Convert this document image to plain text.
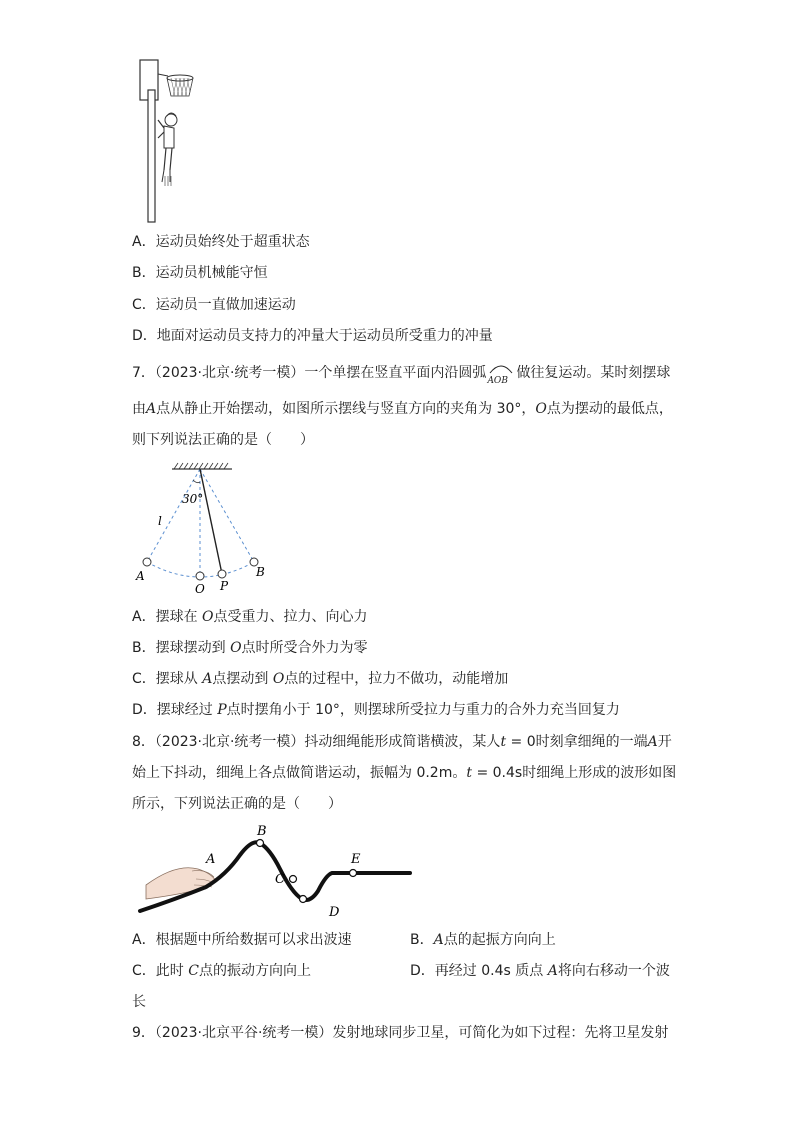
A．运动员始终处于超重状态
B．运动员机械能守恒
C．运动员一直做加速运动
D．地面对运动员支持力的冲量大于运动员所受重力的冲量
7．（2023·北京·统考一模）一个单摆在竖直平面内沿圆弧 AOB 做往复运动。某时刻摆球
由A点从静止开始摆动，如图所示摆线与竖直方向的夹角为 30°，O点为摆动的最低点，
则下列说法正确的是（　　）
30°
l
A
O P
B
A．摆球在 O点受重力、拉力、向心力
B．摆球摆动到 O点时所受合外力为零
C．摆球从 A点摆动到 O点的过程中，拉力不做功，动能增加
D．摆球经过 P点时摆角小于 10°，则摆球所受拉力与重力的合外力充当回复力
8．（2023·北京·统考一模）抖动细绳能形成简谐横波，某人t = 0时刻拿细绳的一端A开
始上下抖动，细绳上各点做简谐运动，振幅为 0.2m。t = 0.4s时细绳上形成的波形如图
所示，下列说法正确的是（　　）
A
B
C
D
E
A．根据题中所给数据可以求出波速	B．A点的起振方向向上
C．此时 C点的振动方向向上	D．再经过 0.4s 质点 A将向右移动一个波
长
9．（2023·北京平谷·统考一模）发射地球同步卫星，可简化为如下过程：先将卫星发射
